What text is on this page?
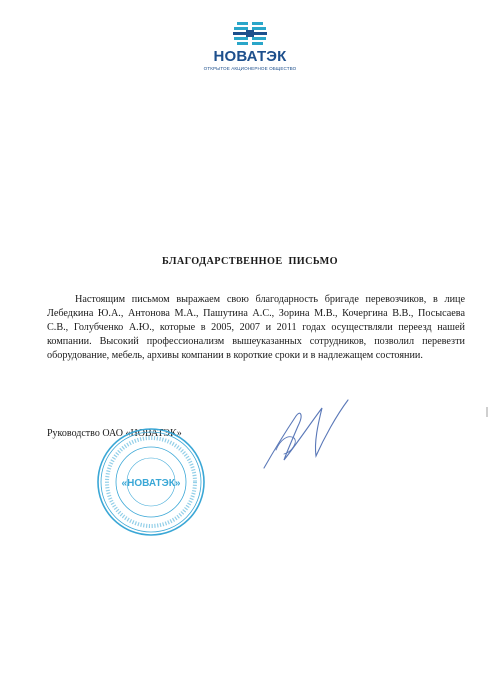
НОВАТЭК
ОТКРЫТОЕ АКЦИОНЕРНОЕ ОБЩЕСТВО
БЛАГОДАРСТВЕННОЕ ПИСЬМО

Настоящим письмом выражаем свою благодарность бригаде перевозчиков, в лице Лебедкина Ю.А., Антонова М.А., Пашутина А.С., Зорина М.В., Кочергина В.В., Посысаева С.В., Голубченко А.Ю., которые в 2005, 2007 и 2011 годах осуществляли переезд нашей компании. Высокий профессионализм вышеуказанных сотрудников, позволил перевезти оборудование, мебель, архивы компании в короткие сроки и в надлежащем состоянии.

Руководство ОАО «НОВАТЭК»
«НОВАТЭК»
